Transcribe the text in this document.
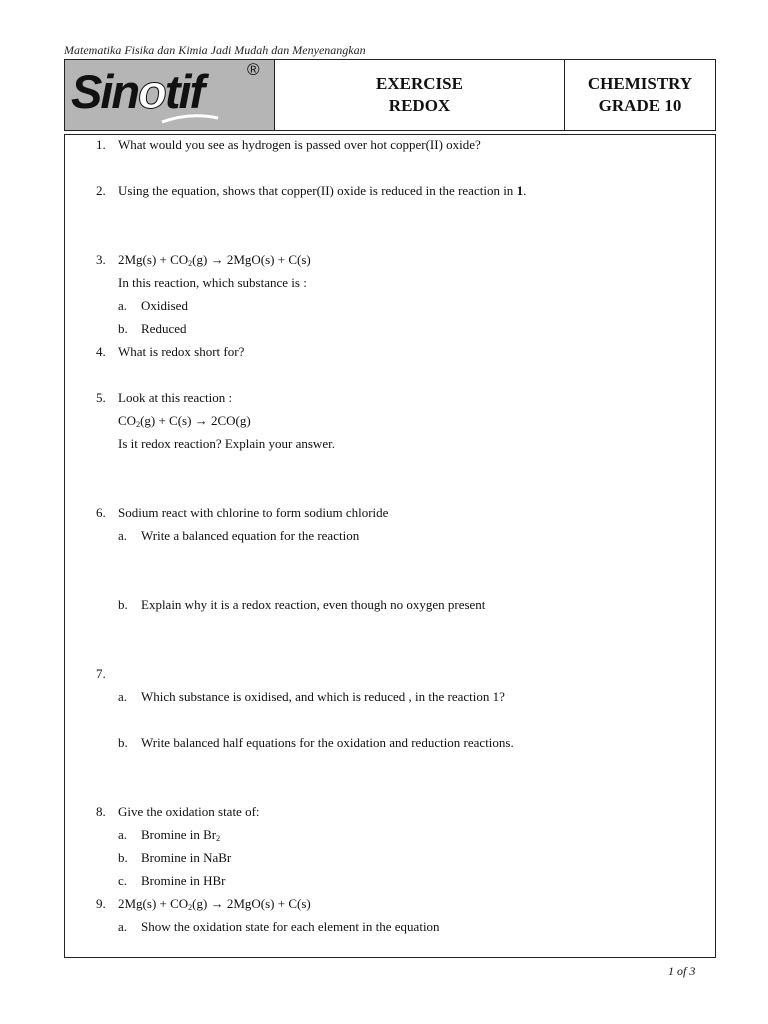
Matematika Fisika dan Kimia Jadi Mudah dan Menyenangkan
Sinotif	®
EXERCISE
REDOX
CHEMISTRY
GRADE 10
1. What would you see as hydrogen is passed over hot copper(II) oxide?
2. Using the equation, shows that copper(II) oxide is reduced in the reaction in 1.
3. $2Mg(s) + CO_2(g) \to 2MgO(s) + C(s)$
In this reaction, which substance is :
a. Oxidised
b. Reduced
4. What is redox short for?
5. Look at this reaction :
$CO_2(g) + C(s) \to 2CO(g)$
Is it redox reaction? Explain your answer.
6. Sodium react with chlorine to form sodium chloride
a. Write a balanced equation for the reaction
b. Explain why it is a redox reaction, even though no oxygen present
7.
a. Which substance is oxidised, and which is reduced , in the reaction 1?
b. Write balanced half equations for the oxidation and reduction reactions.
8. Give the oxidation state of:
a. Bromine in $Br_2$
b. Bromine in NaBr
c. Bromine in HBr
9. $2Mg(s) + CO_2(g) \to 2MgO(s) + C(s)$
a. Show the oxidation state for each element in the equation
1 of 3
